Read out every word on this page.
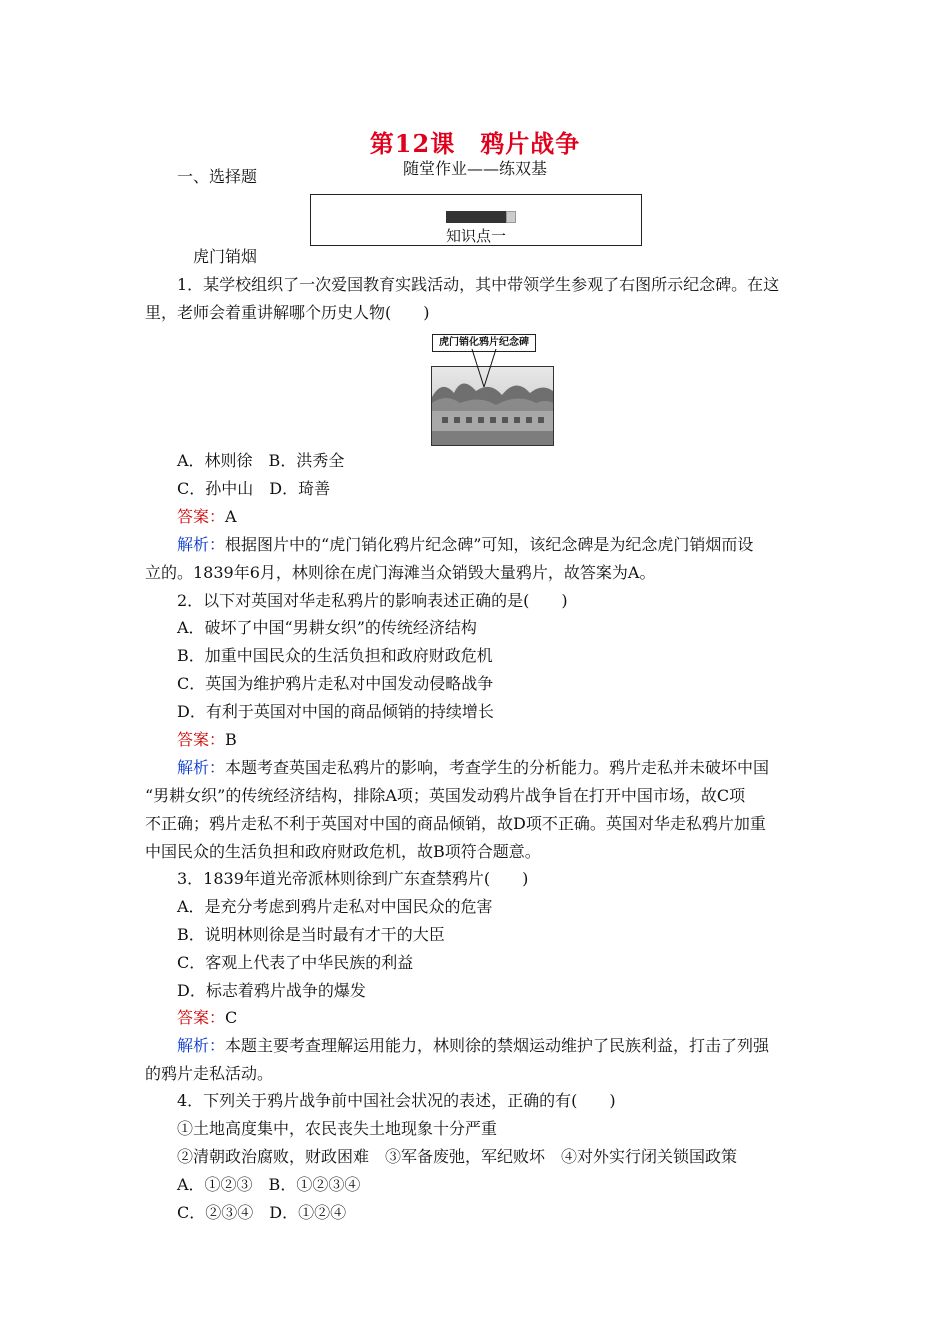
第12课　鸦片战争
随堂作业——练双基
一、选择题
知识点一
虎门销烟
1．某学校组织了一次爱国教育实践活动，其中带领学生参观了右图所示纪念碑。在这
里，老师会着重讲解哪个历史人物(　　)
虎门销化鸦片纪念碑
A．林则徐　B．洪秀全
C．孙中山　D．琦善
答案：A
解析：根据图片中的“虎门销化鸦片纪念碑”可知，该纪念碑是为纪念虎门销烟而设
立的。1839年6月，林则徐在虎门海滩当众销毁大量鸦片，故答案为A。
2．以下对英国对华走私鸦片的影响表述正确的是(　　)
A．破坏了中国“男耕女织”的传统经济结构
B．加重中国民众的生活负担和政府财政危机
C．英国为维护鸦片走私对中国发动侵略战争
D．有利于英国对中国的商品倾销的持续增长
答案：B
解析：本题考查英国走私鸦片的影响，考查学生的分析能力。鸦片走私并未破坏中国
“男耕女织”的传统经济结构，排除A项；英国发动鸦片战争旨在打开中国市场，故C项
不正确；鸦片走私不利于英国对中国的商品倾销，故D项不正确。英国对华走私鸦片加重
中国民众的生活负担和政府财政危机，故B项符合题意。
3．1839年道光帝派林则徐到广东查禁鸦片(　　)
A．是充分考虑到鸦片走私对中国民众的危害
B．说明林则徐是当时最有才干的大臣
C．客观上代表了中华民族的利益
D．标志着鸦片战争的爆发
答案：C
解析：本题主要考查理解运用能力，林则徐的禁烟运动维护了民族利益，打击了列强
的鸦片走私活动。
4．下列关于鸦片战争前中国社会状况的表述，正确的有(　　)
①土地高度集中，农民丧失土地现象十分严重
②清朝政治腐败，财政困难　③军备废弛，军纪败坏　④对外实行闭关锁国政策
A．①②③　B．①②③④
C．②③④　D．①②④
